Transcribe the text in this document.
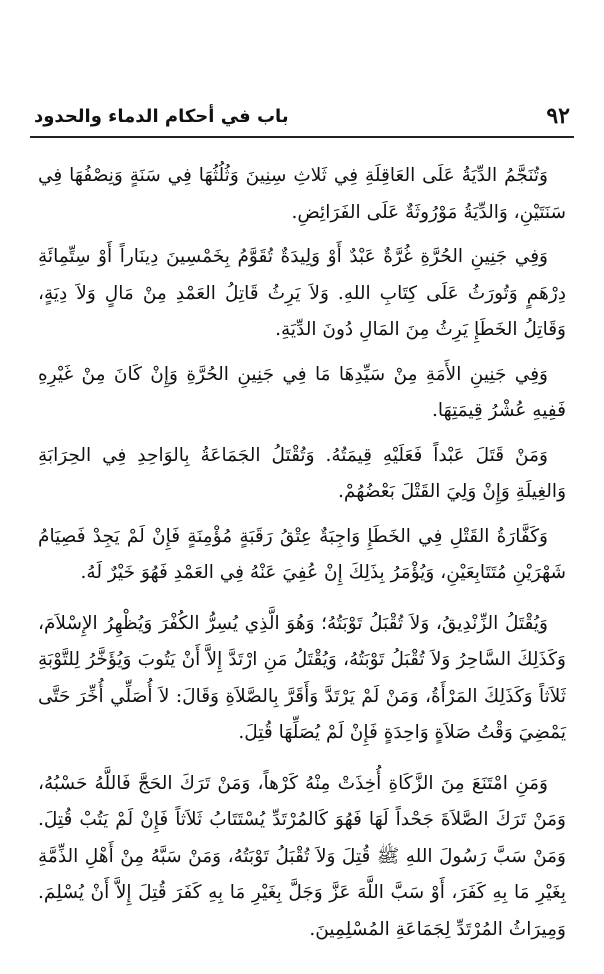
٩٢
باب في أحكام الدماء والحدود

وَتُنَجَّمُ الدِّيَةُ عَلَى العَاقِلَةِ فِي ثَلاثِ سِنِينَ وَثُلُثُهَا فِي سَنَةٍ وَنِصْفُهَا فِي سَنَتَيْنِ، وَالدِّيَةُ مَوْرُوثَةٌ عَلَى الفَرَائِضِ.

وَفِي جَنِينِ الحُرَّةِ غُرَّةٌ عَبْدٌ أَوْ وَلِيدَةٌ تُقَوَّمُ بِخَمْسِينَ دِينَاراً أَوْ سِتِّمِائَةِ دِرْهَمٍ وَتُورَثُ عَلَى كِتَابِ اللهِ. وَلاَ يَرِثُ قَاتِلُ العَمْدِ مِنْ مَالٍ وَلاَ دِيَةٍ، وَقَاتِلُ الخَطَإِ يَرِثُ مِنَ المَالِ دُونَ الدِّيَةِ.

وَفِي جَنِينِ الأَمَةِ مِنْ سَيِّدِهَا مَا فِي جَنِينِ الحُرَّةِ وَإِنْ كَانَ مِنْ غَيْرِهِ فَفِيهِ عُشْرُ قِيمَتِهَا.

وَمَنْ قَتَلَ عَبْداً فَعَلَيْهِ قِيمَتُهُ. وَتُقْتَلُ الجَمَاعَةُ بِالوَاحِدِ فِي الحِرَابَةِ وَالغِيلَةِ وَإِنْ وَلِيَ القَتْلَ بَعْضُهُمْ.

وَكَفَّارَةُ القَتْلِ فِي الخَطَإِ وَاجِبَةٌ عِتْقُ رَقَبَةٍ مُؤْمِنَةٍ فَإِنْ لَمْ يَجِدْ فَصِيَامُ شَهْرَيْنِ مُتَتَابِعَيْنِ، وَيُؤْمَرُ بِذَلِكَ إِنْ عُفِيَ عَنْهُ فِي العَمْدِ فَهُوَ خَيْرٌ لَهُ.

وَيُقْتَلُ الزِّنْدِيقُ، وَلاَ تُقْبَلُ تَوْبَتُهُ؛ وَهُوَ الَّذِي يُسِرُّ الكُفْرَ وَيُظْهِرُ الإِسْلاَمَ، وَكَذَلِكَ السَّاحِرُ وَلاَ تُقْبَلُ تَوْبَتُهُ، وَيُقْتَلُ مَنِ ارْتَدَّ إِلاَّ أَنْ يَتُوبَ وَيُؤَخَّرُ لِلتَّوْبَةِ ثَلاَثاً وَكَذَلِكَ المَرْأَةُ، وَمَنْ لَمْ يَرْتَدَّ وَأَقَرَّ بِالصَّلاَةِ وَقَالَ: لاَ أُصَلِّي أُخِّرَ حَتَّى يَمْضِيَ وَقْتُ صَلاَةٍ وَاحِدَةٍ فَإِنْ لَمْ يُصَلِّهَا قُتِلَ.

وَمَنِ امْتَنَعَ مِنَ الزَّكَاةِ أُخِذَتْ مِنْهُ كَرْهاً، وَمَنْ تَرَكَ الحَجَّ فَاللَّهُ حَسْبُهُ، وَمَنْ تَرَكَ الصَّلاَةَ جَحْداً لَهَا فَهُوَ كَالمُرْتَدِّ يُسْتَتَابُ ثَلاَثاً فَإِنْ لَمْ يَتُبْ قُتِلَ. وَمَنْ سَبَّ رَسُولَ اللهِ ﷺ قُتِلَ وَلاَ تُقْبَلُ تَوْبَتُهُ، وَمَنْ سَبَّهُ مِنْ أَهْلِ الذِّمَّةِ بِغَيْرِ مَا بِهِ كَفَرَ، أَوْ سَبَّ اللَّهَ عَزَّ وَجَلَّ بِغَيْرِ مَا بِهِ كَفَرَ قُتِلَ إِلاَّ أَنْ يُسْلِمَ. وَمِيرَاثُ المُرْتَدِّ لِجَمَاعَةِ المُسْلِمِينَ.
